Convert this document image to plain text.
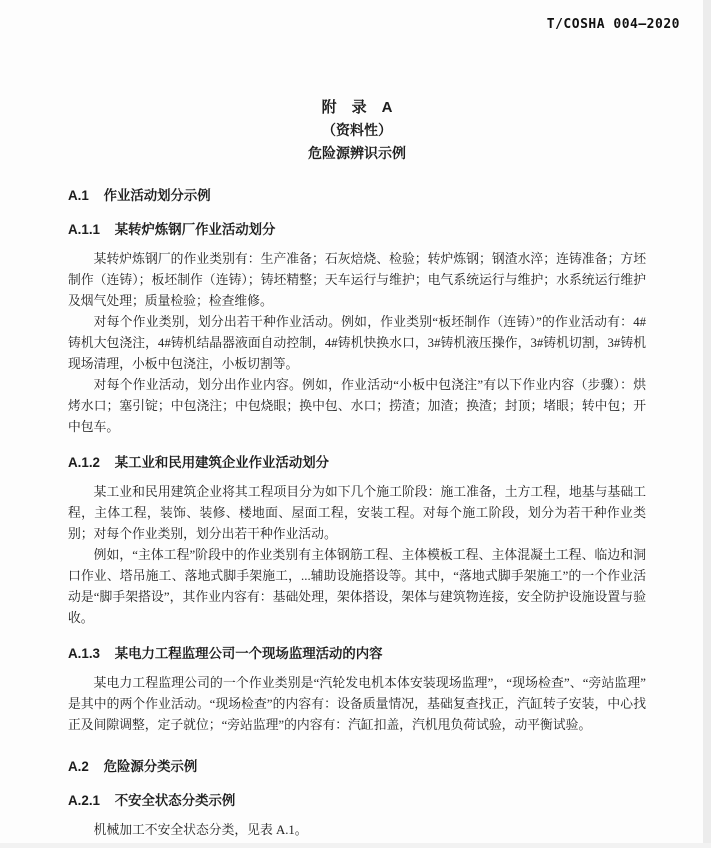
T/COSHA 004—2020
附　录　A
（资料性）
危险源辨识示例
A.1 作业活动划分示例
A.1.1 某转炉炼钢厂作业活动划分

某转炉炼钢厂的作业类别有：生产准备；石灰焙烧、检验；转炉炼钢；钢渣水淬；连铸准备；方坯制作（连铸）；板坯制作（连铸）；铸坯精整；天车运行与维护；电气系统运行与维护；水系统运行维护及烟气处理；质量检验；检查维修。

对每个作业类别，划分出若干种作业活动。例如，作业类别“板坯制作（连铸）”的作业活动有：4#铸机大包浇注，4#铸机结晶器液面自动控制，4#铸机快换水口，3#铸机液压操作，3#铸机切割，3#铸机现场清理，小板中包浇注，小板切割等。

对每个作业活动，划分出作业内容。例如，作业活动“小板中包浇注”有以下作业内容（步骤）：烘烤水口；塞引锭；中包浇注；中包烧眼；换中包、水口；捞渣；加渣；换渣；封顶；堵眼；转中包；开中包车。

A.1.2 某工业和民用建筑企业作业活动划分

某工业和民用建筑企业将其工程项目分为如下几个施工阶段：施工准备，土方工程，地基与基础工程，主体工程，装饰、装修、楼地面、屋面工程，安装工程。对每个施工阶段，划分为若干种作业类别；对每个作业类别，划分出若干种作业活动。

例如，“主体工程”阶段中的作业类别有主体钢筋工程、主体模板工程、主体混凝土工程、临边和洞口作业、塔吊施工、落地式脚手架施工，...辅助设施搭设等。其中，“落地式脚手架施工”的一个作业活动是“脚手架搭设”，其作业内容有：基础处理，架体搭设，架体与建筑物连接，安全防护设施设置与验收。

A.1.3 某电力工程监理公司一个现场监理活动的内容

某电力工程监理公司的一个作业类别是“汽轮发电机本体安装现场监理”，“现场检查”、“旁站监理”是其中的两个作业活动。“现场检查”的内容有：设备质量情况，基础复查找正，汽缸转子安装，中心找正及间隙调整，定子就位；“旁站监理”的内容有：汽缸扣盖，汽机甩负荷试验，动平衡试验。

A.2 危险源分类示例
A.2.1 不安全状态分类示例

机械加工不安全状态分类，见表 A.1。
